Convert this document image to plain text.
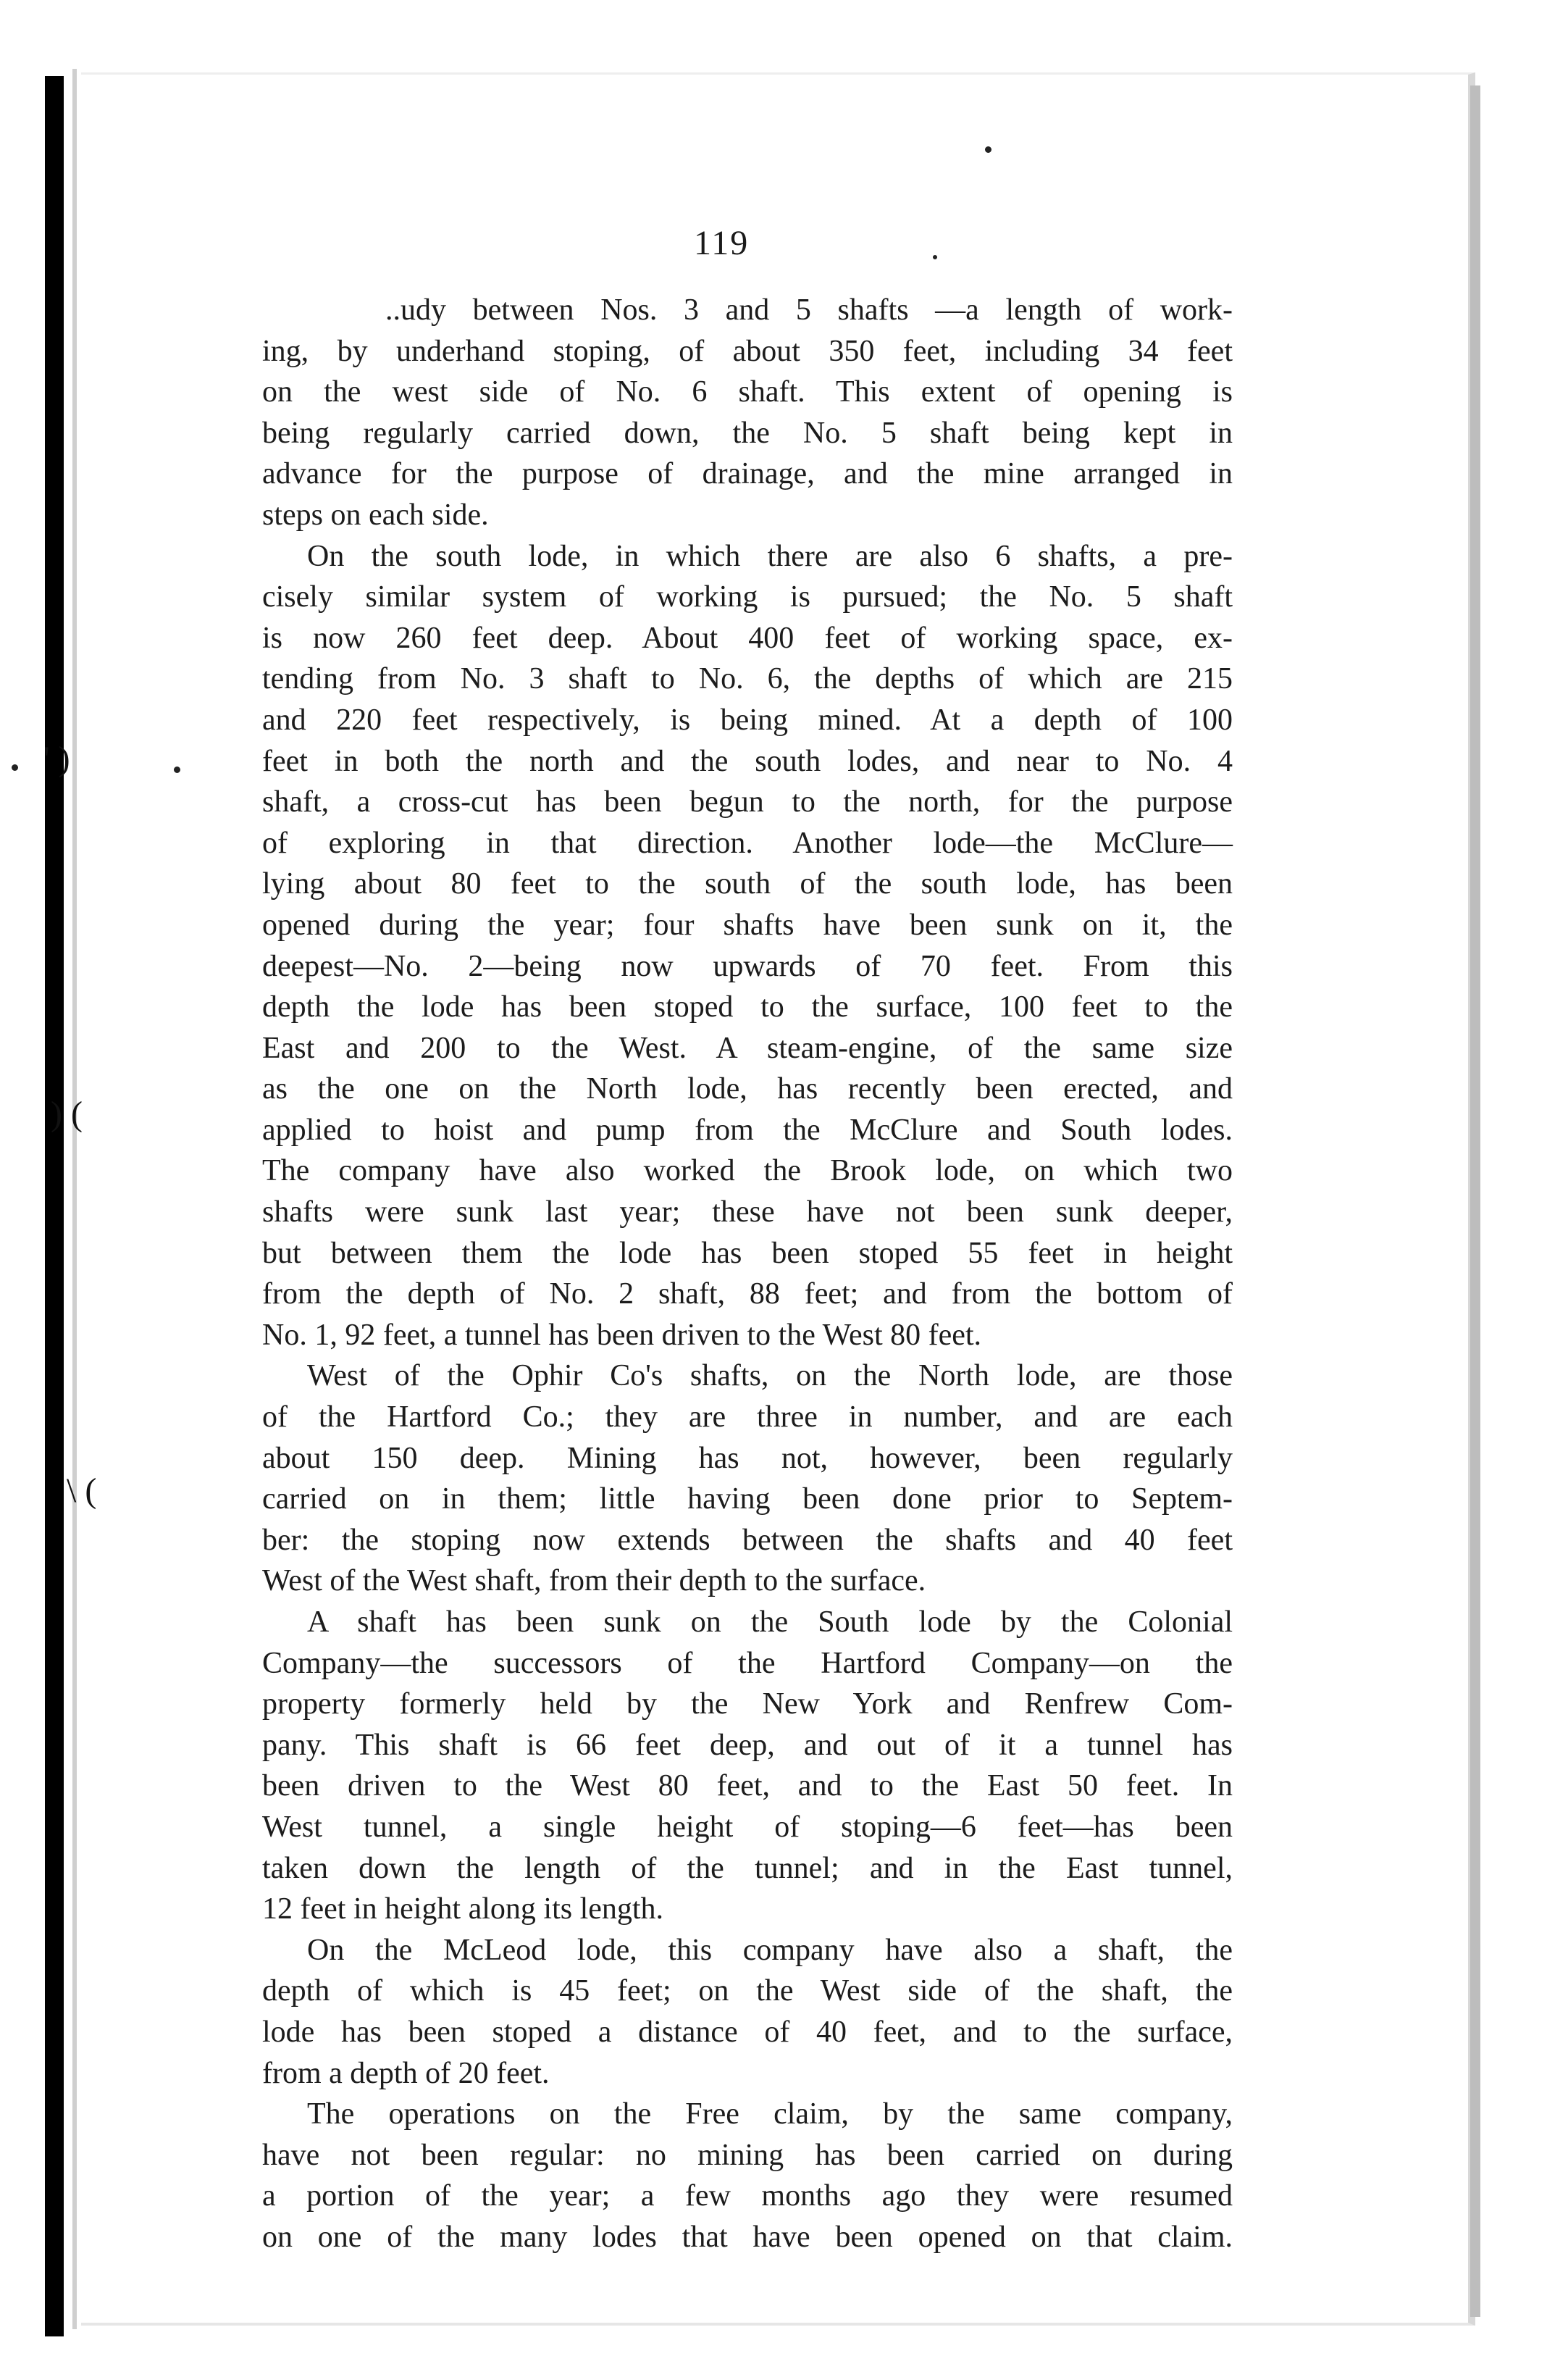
' )
) (
\ (
119
..udy between Nos. 3 and 5 shafts —a length of work-
ing, by underhand stoping, of about 350 feet, including 34 feet
on the west side of No. 6 shaft. This extent of opening is
being regularly carried down, the No. 5 shaft being kept in
advance for the purpose of drainage, and the mine arranged in
steps on each side.
On the south lode, in which there are also 6 shafts, a pre-
cisely similar system of working is pursued; the No. 5 shaft
is now 260 feet deep. About 400 feet of working space, ex-
tending from No. 3 shaft to No. 6, the depths of which are 215
and 220 feet respectively, is being mined. At a depth of 100
feet in both the north and the south lodes, and near to No. 4
shaft, a cross-cut has been begun to the north, for the purpose
of exploring in that direction. Another lode—the McClure—
lying about 80 feet to the south of the south lode, has been
opened during the year; four shafts have been sunk on it, the
deepest—No. 2—being now upwards of 70 feet. From this
depth the lode has been stoped to the surface, 100 feet to the
East and 200 to the West. A steam-engine, of the same size
as the one on the North lode, has recently been erected, and
applied to hoist and pump from the McClure and South lodes.
The company have also worked the Brook lode, on which two
shafts were sunk last year; these have not been sunk deeper,
but between them the lode has been stoped 55 feet in height
from the depth of No. 2 shaft, 88 feet; and from the bottom of
No. 1, 92 feet, a tunnel has been driven to the West 80 feet.
West of the Ophir Co's shafts, on the North lode, are those
of the Hartford Co.; they are three in number, and are each
about 150 deep. Mining has not, however, been regularly
carried on in them; little having been done prior to Septem-
ber: the stoping now extends between the shafts and 40 feet
West of the West shaft, from their depth to the surface.
A shaft has been sunk on the South lode by the Colonial
Company—the successors of the Hartford Company—on the
property formerly held by the New York and Renfrew Com-
pany. This shaft is 66 feet deep, and out of it a tunnel has
been driven to the West 80 feet, and to the East 50 feet. In
West tunnel, a single height of stoping—6 feet—has been
taken down the length of the tunnel; and in the East tunnel,
12 feet in height along its length.
On the McLeod lode, this company have also a shaft, the
depth of which is 45 feet; on the West side of the shaft, the
lode has been stoped a distance of 40 feet, and to the surface,
from a depth of 20 feet.
The operations on the Free claim, by the same company,
have not been regular: no mining has been carried on during
a portion of the year; a few months ago they were resumed
on one of the many lodes that have been opened on that claim.
